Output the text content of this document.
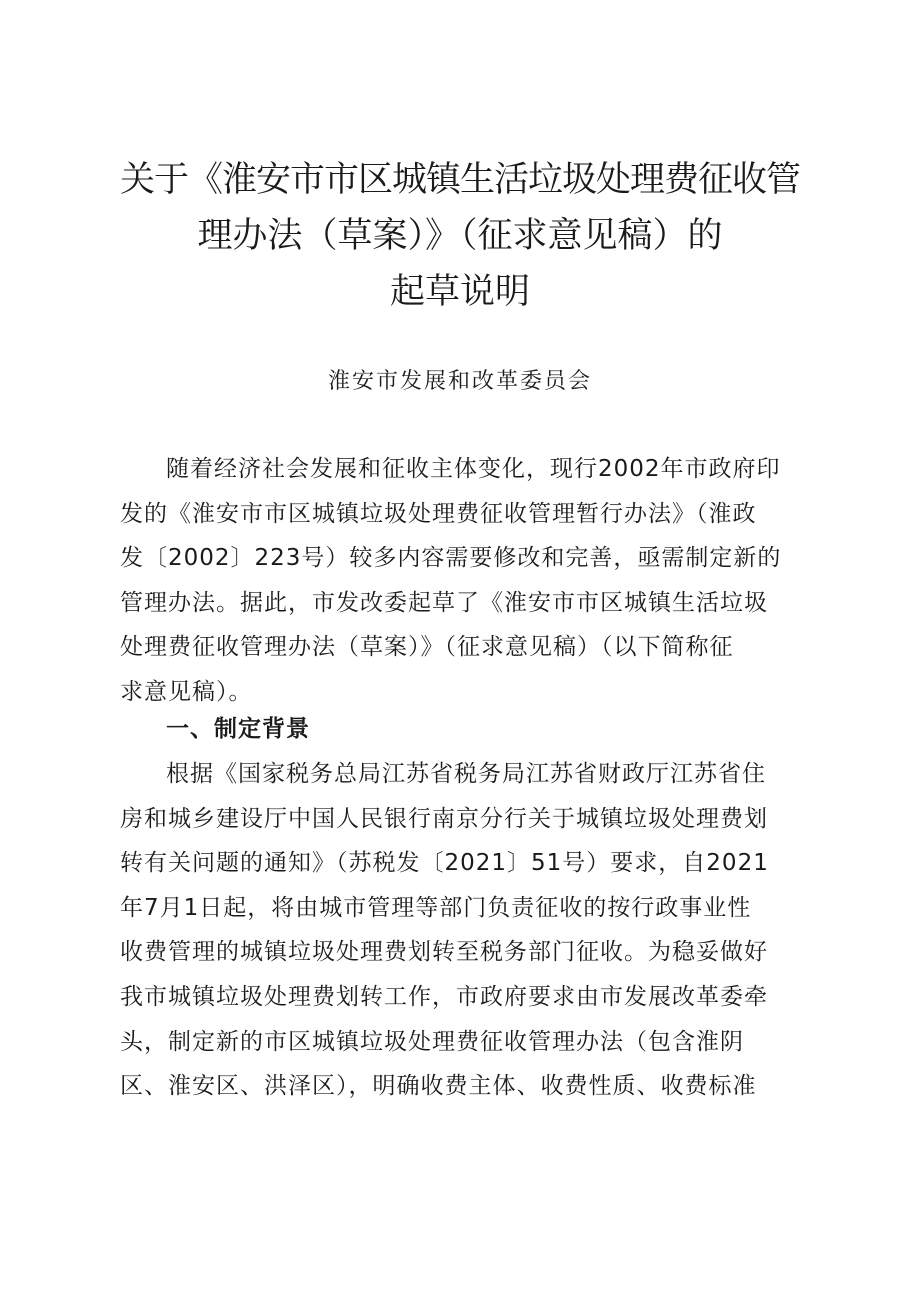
关于《淮安市市区城镇生活垃圾处理费征收管
理办法（草案）》（征求意见稿）的
起草说明
淮安市发展和改革委员会
随着经济社会发展和征收主体变化，现行2002年市政府印
发的《淮安市市区城镇垃圾处理费征收管理暂行办法》（淮政
发〔2002〕223号）较多内容需要修改和完善，亟需制定新的
管理办法。据此，市发改委起草了《淮安市市区城镇生活垃圾
处理费征收管理办法（草案）》（征求意见稿）（以下简称征
求意见稿）。
一、制定背景
根据《国家税务总局江苏省税务局江苏省财政厅江苏省住
房和城乡建设厅中国人民银行南京分行关于城镇垃圾处理费划
转有关问题的通知》（苏税发〔2021〕51号）要求，自2021
年7月1日起，将由城市管理等部门负责征收的按行政事业性
收费管理的城镇垃圾处理费划转至税务部门征收。为稳妥做好
我市城镇垃圾处理费划转工作，市政府要求由市发展改革委牵
头，制定新的市区城镇垃圾处理费征收管理办法（包含淮阴
区、淮安区、洪泽区），明确收费主体、收费性质、收费标准
